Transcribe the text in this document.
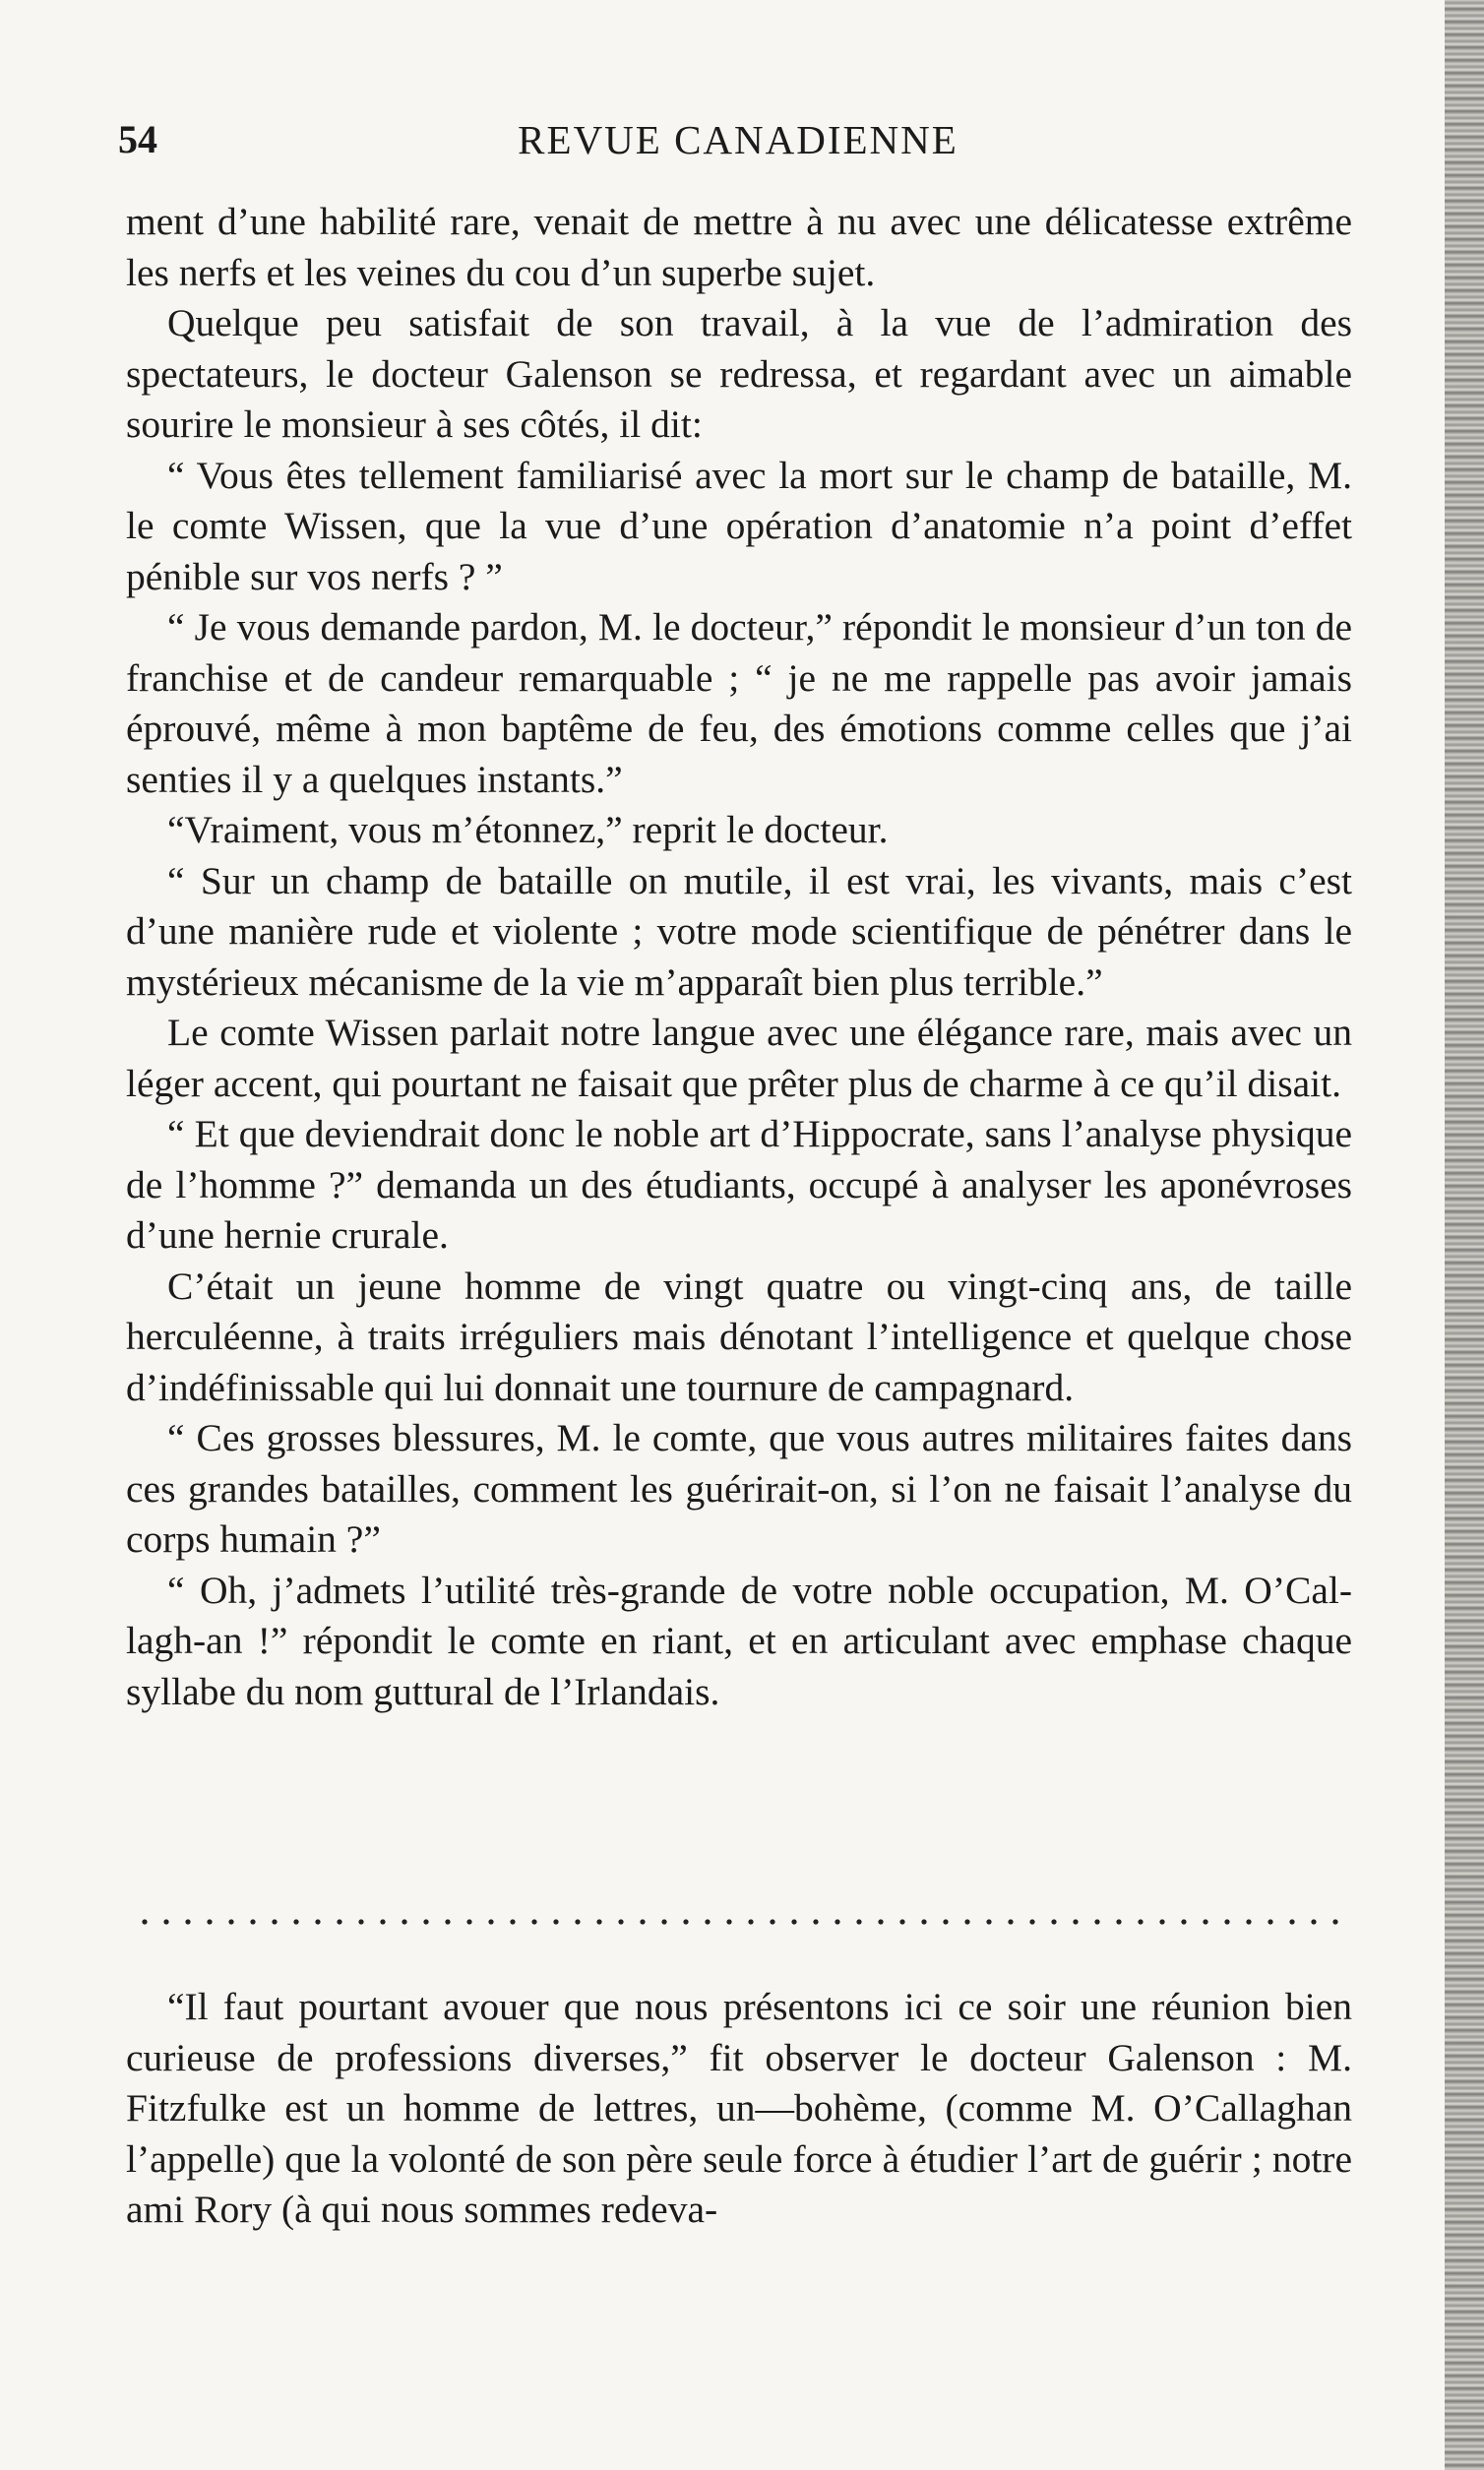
54	REVUE CANADIENNE

ment d’une habilité rare, venait de mettre à nu avec une délicatesse extrême les nerfs et les veines du cou d’un superbe sujet.

Quelque peu satisfait de son travail, à la vue de l’admiration des spectateurs, le docteur Galenson se redressa, et regardant avec un aimable sourire le monsieur à ses côtés, il dit:

“ Vous êtes tellement familiarisé avec la mort sur le champ de bataille, M. le comte Wissen, que la vue d’une opération d’anatomie n’a point d’effet pénible sur vos nerfs ? ”

“ Je vous demande pardon, M. le docteur,” répondit le monsieur d’un ton de franchise et de candeur remarquable ; “ je ne me rappelle pas avoir jamais éprouvé, même à mon baptême de feu, des émotions comme celles que j’ai senties il y a quelques instants.”

“Vraiment, vous m’étonnez,” reprit le docteur.

“ Sur un champ de bataille on mutile, il est vrai, les vivants, mais c’est d’une manière rude et violente ; votre mode scientifique de pénétrer dans le mystérieux mécanisme de la vie m’apparaît bien plus terrible.”

Le comte Wissen parlait notre langue avec une élégance rare, mais avec un léger accent, qui pourtant ne faisait que prêter plus de charme à ce qu’il disait.

“ Et que deviendrait donc le noble art d’Hippocrate, sans l’analyse physique de l’homme ?” demanda un des étudiants, occupé à analyser les aponévroses d’une hernie crurale.

C’était un jeune homme de vingt quatre ou vingt-cinq ans, de taille herculéenne, à traits irréguliers mais dénotant l’intelligence et quelque chose d’indéfinissable qui lui donnait une tournure de campagnard.

“ Ces grosses blessures, M. le comte, que vous autres militaires faites dans ces grandes batailles, comment les guérirait-on, si l’on ne faisait l’analyse du corps humain ?”

“ Oh, j’admets l’utilité très-grande de votre noble occupation, M. O’Cal-lagh-an !” répondit le comte en riant, et en articulant avec emphase chaque syllabe du nom guttural de l’Irlandais.

“Il faut pourtant avouer que nous présentons ici ce soir une réunion bien curieuse de professions diverses,” fit observer le docteur Galenson : M. Fitzfulke est un homme de lettres, un—bohème, (comme M. O’Callaghan l’appelle) que la volonté de son père seule force à étudier l’art de guérir ; notre ami Rory (à qui nous sommes redeva-
